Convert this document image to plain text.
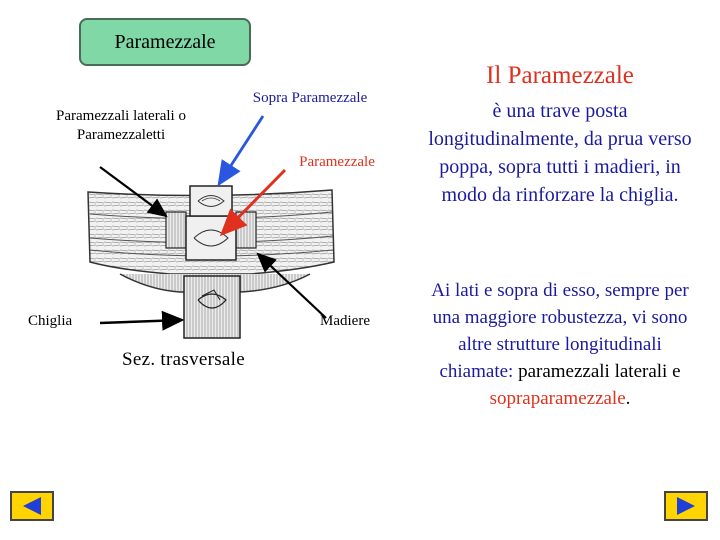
Paramezzale
Paramezzali laterali o Paramezzaletti
Sopra Paramezzale
Paramezzale
Chiglia	Madiere
Sez. trasversale
Il Paramezzale
è una trave posta longitudinalmente, da prua verso poppa, sopra tutti i madieri, in modo da rinforzare la chiglia.
Ai lati e sopra di esso, sempre per una maggiore robustezza, vi sono altre strutture longitudinali chiamate: paramezzali laterali e sopraparamezzale.
